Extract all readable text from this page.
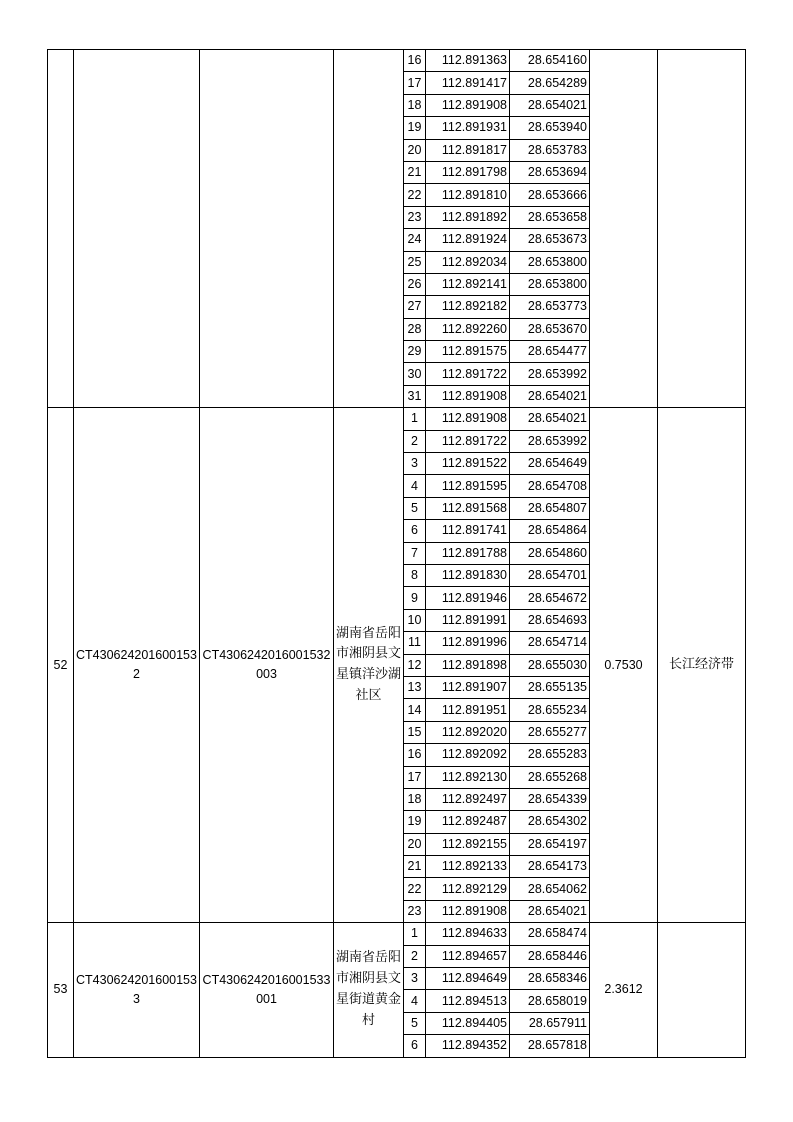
				16	112.891363	28.654160		
				17	112.891417	28.654289		
				18	112.891908	28.654021		
				19	112.891931	28.653940		
				20	112.891817	28.653783		
				21	112.891798	28.653694		
				22	112.891810	28.653666		
				23	112.891892	28.653658		
				24	112.891924	28.653673		
				25	112.892034	28.653800		
				26	112.892141	28.653800		
				27	112.892182	28.653773		
				28	112.892260	28.653670		
				29	112.891575	28.654477		
				30	112.891722	28.653992		
				31	112.891908	28.654021		
52	CT4306242016001532	CT4306242016001532003	湖南省岳阳市湘阴县文星镇洋沙湖社区	1	112.891908	28.654021	0.7530	长江经济带
				2	112.891722	28.653992		
				3	112.891522	28.654649		
				4	112.891595	28.654708		
				5	112.891568	28.654807		
				6	112.891741	28.654864		
				7	112.891788	28.654860		
				8	112.891830	28.654701		
				9	112.891946	28.654672		
				10	112.891991	28.654693		
				11	112.891996	28.654714		
				12	112.891898	28.655030		
				13	112.891907	28.655135		
				14	112.891951	28.655234		
				15	112.892020	28.655277		
				16	112.892092	28.655283		
				17	112.892130	28.655268		
				18	112.892497	28.654339		
				19	112.892487	28.654302		
				20	112.892155	28.654197		
				21	112.892133	28.654173		
				22	112.892129	28.654062		
				23	112.891908	28.654021		
53	CT4306242016001533	CT4306242016001533001	湖南省岳阳市湘阴县文星街道黄金村	1	112.894633	28.658474	2.3612	
				2	112.894657	28.658446		
				3	112.894649	28.658346		
				4	112.894513	28.658019		
				5	112.894405	28.657911		
				6	112.894352	28.657818		
